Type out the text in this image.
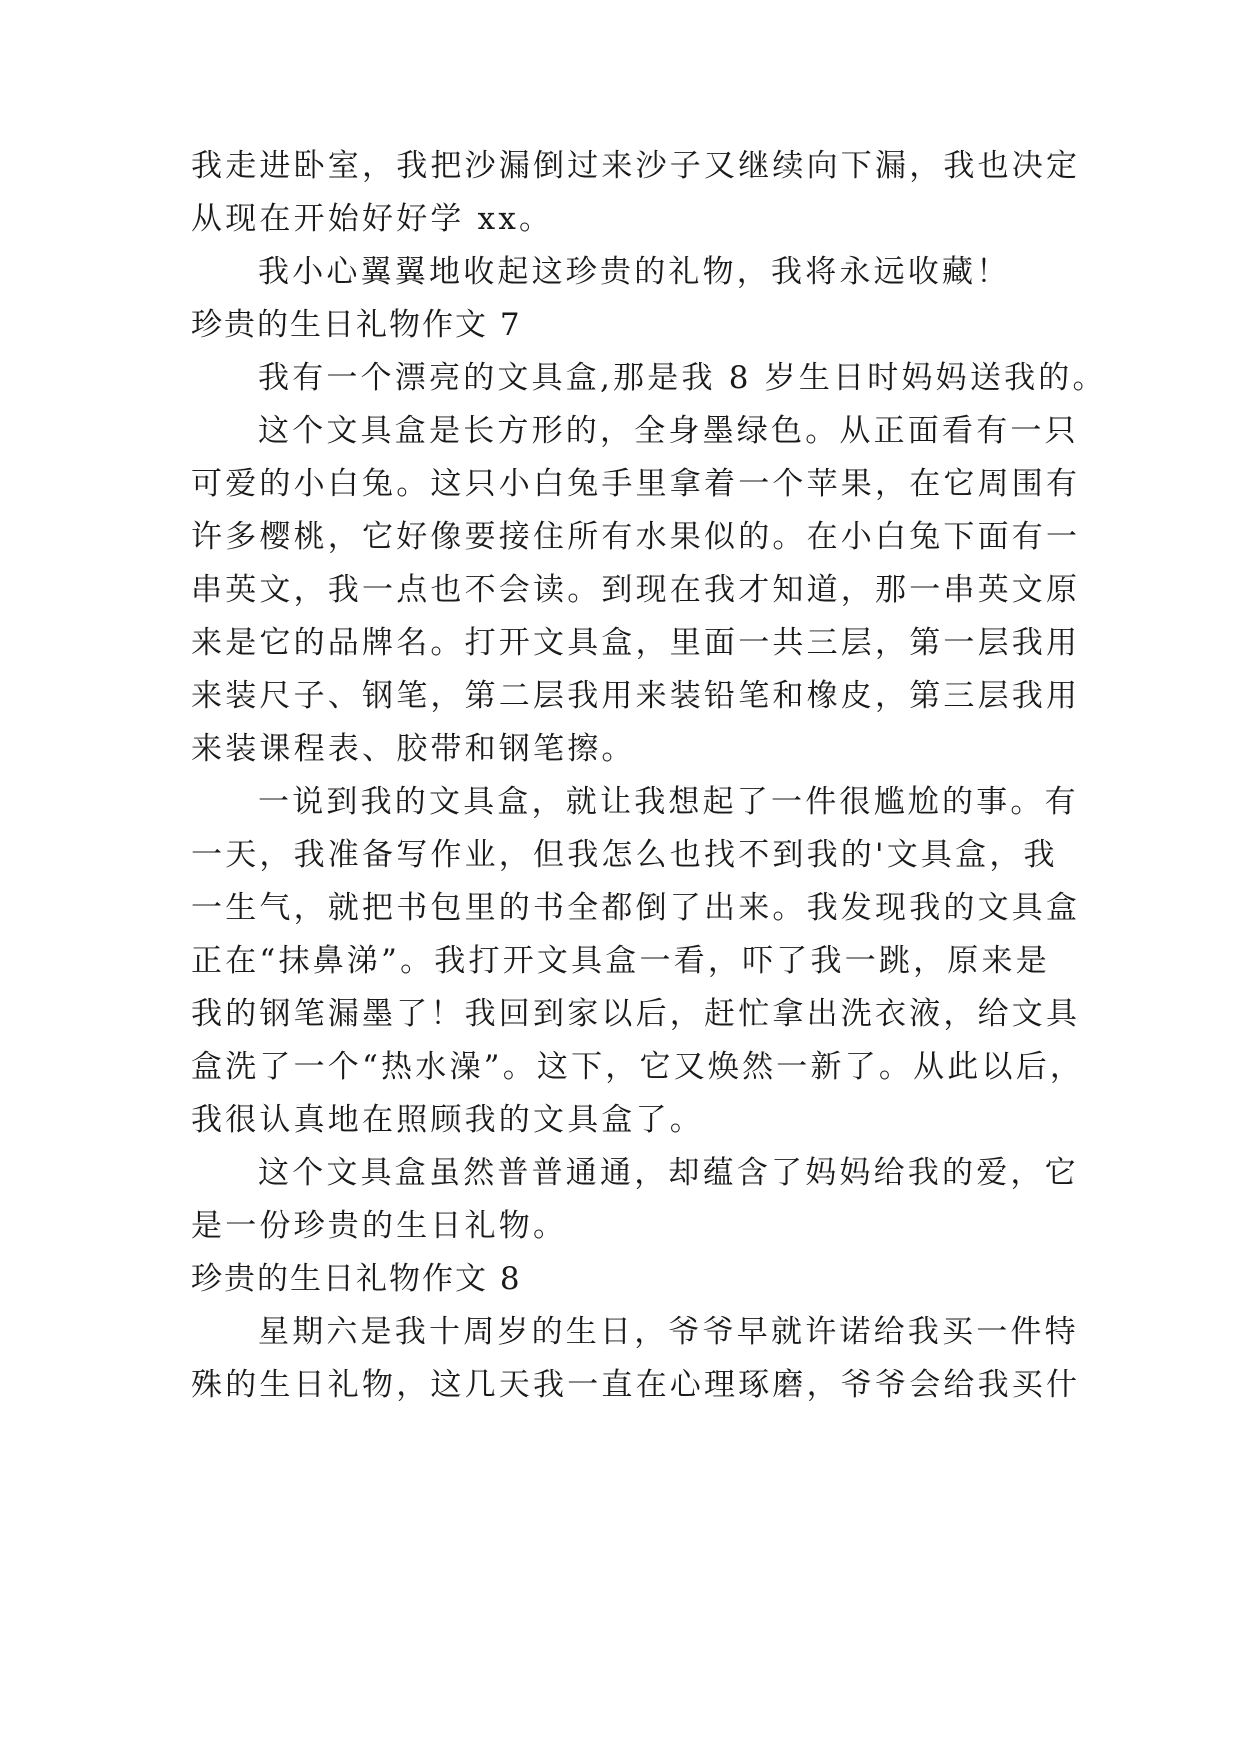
我走进卧室，我把沙漏倒过来沙子又继续向下漏，我也决定
从现在开始好好学 xx。
我小心翼翼地收起这珍贵的礼物，我将永远收藏！
珍贵的生日礼物作文 7
我有一个漂亮的文具盒,那是我 8 岁生日时妈妈送我的。
这个文具盒是长方形的，全身墨绿色。从正面看有一只
可爱的小白兔。这只小白兔手里拿着一个苹果，在它周围有
许多樱桃，它好像要接住所有水果似的。在小白兔下面有一
串英文，我一点也不会读。到现在我才知道，那一串英文原
来是它的品牌名。打开文具盒，里面一共三层，第一层我用
来装尺子、钢笔，第二层我用来装铅笔和橡皮，第三层我用
来装课程表、胶带和钢笔擦。
一说到我的文具盒，就让我想起了一件很尴尬的事。有
一天，我准备写作业，但我怎么也找不到我的'文具盒，我
一生气，就把书包里的书全都倒了出来。我发现我的文具盒
正在“抹鼻涕”。我打开文具盒一看，吓了我一跳，原来是
我的钢笔漏墨了！我回到家以后，赶忙拿出洗衣液，给文具
盒洗了一个“热水澡”。这下，它又焕然一新了。从此以后，
我很认真地在照顾我的文具盒了。
这个文具盒虽然普普通通，却蕴含了妈妈给我的爱，它
是一份珍贵的生日礼物。
珍贵的生日礼物作文 8
星期六是我十周岁的生日，爷爷早就许诺给我买一件特
殊的生日礼物，这几天我一直在心理琢磨，爷爷会给我买什
